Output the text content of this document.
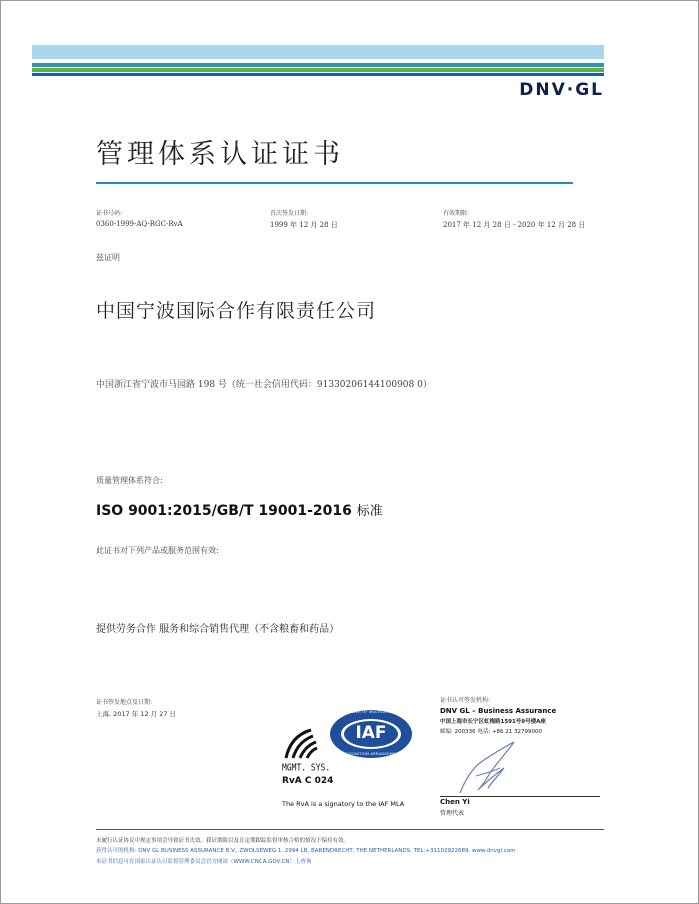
DNV·GL
管理体系认证证书
证书号码:
0360-1999-AQ-RGC-RvA
首次签发日期:
1999 年 12 月 28 日
有效期限:
2017 年 12 月 28 日 - 2020 年 12 月 28 日
兹证明
中国宁波国际合作有限责任公司
中国浙江省宁波市马园路 198 号（统一社会信用代码：91330206144100908 0）
质量管理体系符合:
ISO 9001:2015/GB/T 19001-2016 标准
此证书对下列产品或服务范围有效:
提供劳务合作 服务和综合销售代理（不含粮畜和药品）
证书签发地点及日期:
上海, 2017 年 12 月 27 日
证书认可签发机构:
DNV GL – Business Assurance
中国上海市长宁区虹梅路1591号9号楼A座
邮编: 200336 电话: +86 21 32799000
Chen Yi
管理代表
MGMT. SYS.
RvA C 024
IAF
MEMBER OF MULTILATERAL
RECOGNITION ARRANGEMENT
The RvA is a signatory to the IAF MLA
未履行认证协议中规定事项会导致证书失效。我证期限以及在定期跟踪监督审核合格的情况下保持有效。
获得认可的机构: DNV GL BUSINESS ASSURANCE B.V., ZWOLSEWEG 1, 2994 LB, BARENDRECHT, THE NETHERLANDS. TEL:+31102922689. www.dnvgl.com
本证书信息可在国家认证认可监督管理委员会官方网站（WWW.CNCA.GOV.CN）上查询
